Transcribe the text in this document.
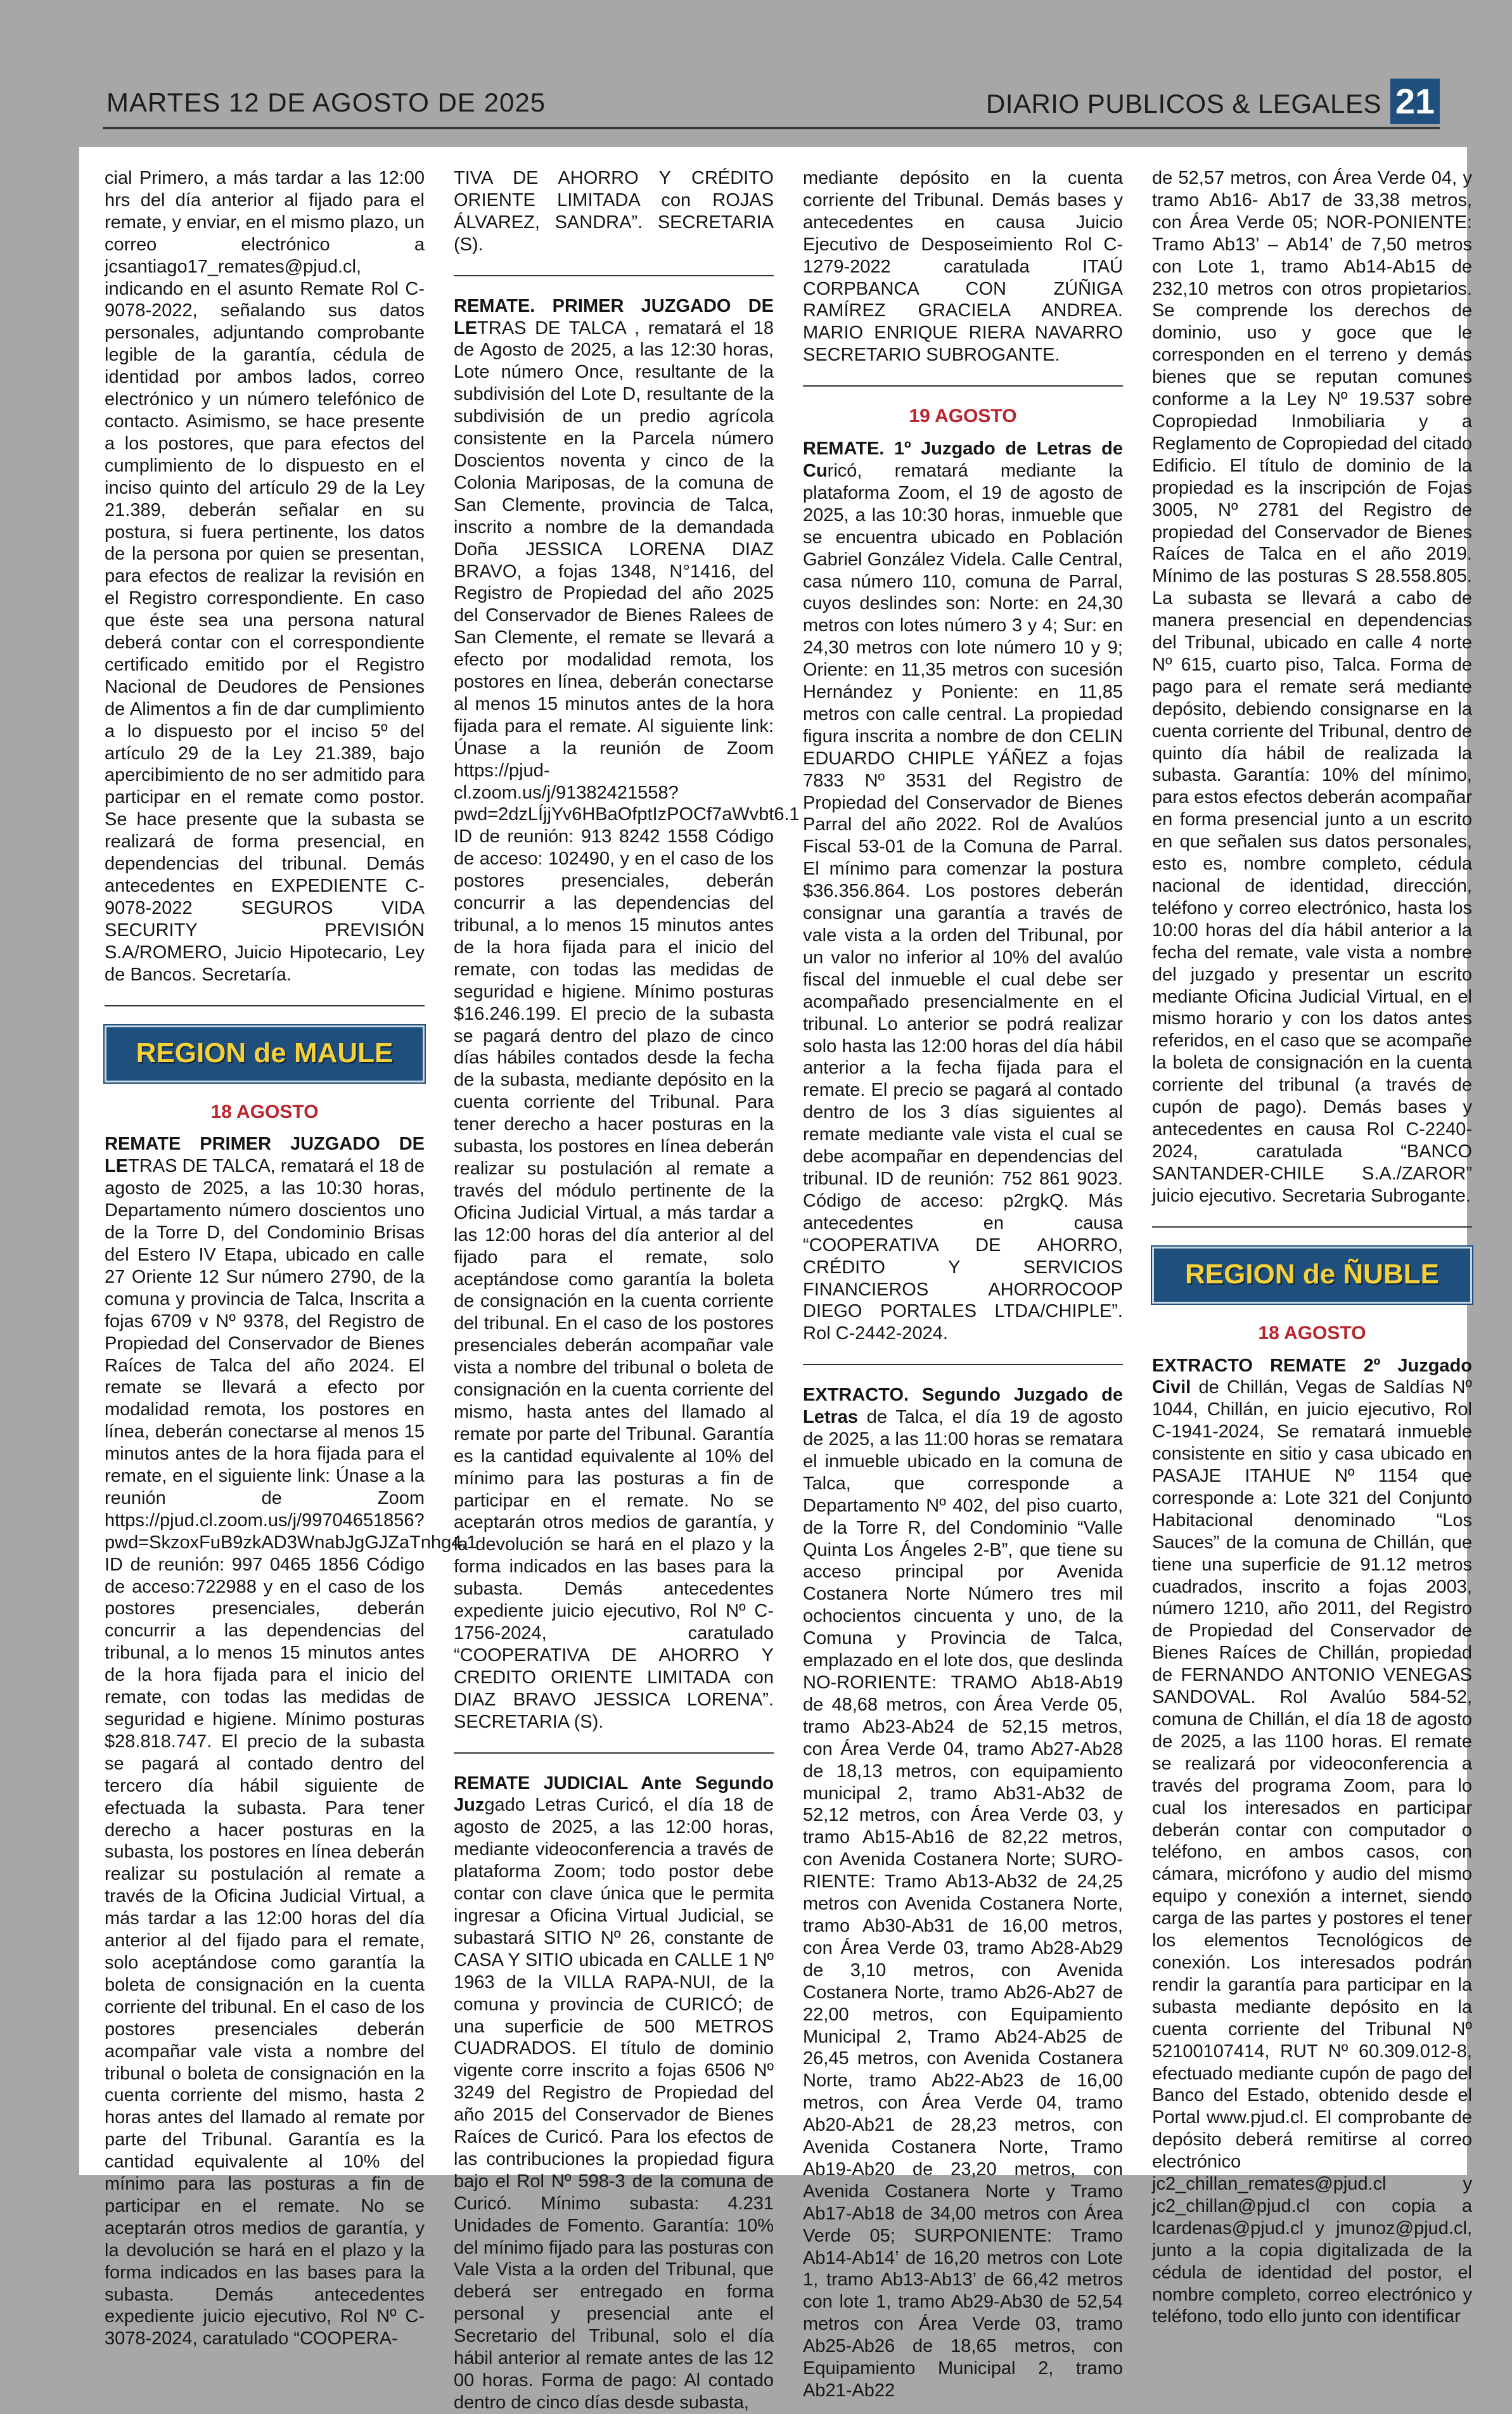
MARTES 12 DE AGOSTO DE 2025	DIARIO PUBLICOS & LEGALES 21

cial Primero, a más tardar a las 12:00 hrs del día anterior al fijado para el remate, y enviar, en el mismo plazo, un correo electrónico a jcsantiago17_remates@pjud.cl, indicando en el asunto Remate Rol C-9078-2022, señalando sus datos personales, adjuntando comprobante legible de la garantía, cédula de identidad por ambos lados, correo electrónico y un número telefónico de contacto. Asimismo, se hace presente a los postores, que para efectos del cumplimiento de lo dispuesto en el inciso quinto del artículo 29 de la Ley 21.389, deberán señalar en su postura, si fuera pertinente, los datos de la persona por quien se presentan, para efectos de realizar la revisión en el Registro correspondiente. En caso que éste sea una persona natural deberá contar con el correspondiente certificado emitido por el Registro Nacional de Deudores de Pensiones de Alimentos a fin de dar cumplimiento a lo dispuesto por el inciso 5º del artículo 29 de la Ley 21.389, bajo apercibimiento de no ser admitido para participar en el remate como postor. Se hace presente que la subasta se realizará de forma presencial, en dependencias del tribunal. Demás antecedentes en EXPEDIENTE C-9078-2022 SEGUROS VIDA SECURITY PREVISIÓN S.A/ROMERO, Juicio Hipotecario, Ley de Bancos. Secretaría.

REGION de MAULE
18 AGOSTO

REMATE PRIMER JUZGADO DE LETRAS DE TALCA, rematará el 18 de agosto de 2025, a las 10:30 horas, Departamento número doscientos uno de la Torre D, del Condominio Brisas del Estero IV Etapa, ubicado en calle 27 Oriente 12 Sur número 2790, de la comuna y provincia de Talca, Inscrita a fojas 6709 v Nº 9378, del Registro de Propiedad del Conservador de Bienes Raíces de Talca del año 2024. El remate se llevará a efecto por modalidad remota, los postores en línea, deberán conectarse al menos 15 minutos antes de la hora fijada para el remate, en el siguiente link: Únase a la reunión de Zoom https://pjud.cl.zoom.us/j/99704651856?pwd=SkzoxFuB9zkAD3WnabJgGJZaTnhg4.1 ID de reunión: 997 0465 1856 Código de acceso:722988 y en el caso de los postores presenciales, deberán concurrir a las dependencias del tribunal, a lo menos 15 minutos antes de la hora fijada para el inicio del remate, con todas las medidas de seguridad e higiene. Mínimo posturas $28.818.747. El precio de la subasta se pagará al contado dentro del tercero día hábil siguiente de efectuada la subasta. Para tener derecho a hacer posturas en la subasta, los postores en línea deberán realizar su postulación al remate a través de la Oficina Judicial Virtual, a más tardar a las 12:00 horas del día anterior al del fijado para el remate, solo aceptándose como garantía la boleta de consignación en la cuenta corriente del tribunal. En el caso de los postores presenciales deberán acompañar vale vista a nombre del tribunal o boleta de consignación en la cuenta corriente del mismo, hasta 2 horas antes del llamado al remate por parte del Tribunal. Garantía es la cantidad equivalente al 10% del mínimo para las posturas a fin de participar en el remate. No se aceptarán otros medios de garantía, y la devolución se hará en el plazo y la forma indicados en las bases para la subasta. Demás antecedentes expediente juicio ejecutivo, Rol Nº C-3078-2024, caratulado “COOPERA-

TIVA DE AHORRO Y CRÉDITO ORIENTE LIMITADA con ROJAS ÁLVAREZ, SANDRA”. SECRETARIA (S).

REMATE. PRIMER JUZGADO DE LETRAS DE TALCA , rematará el 18 de Agosto de 2025, a las 12:30 horas, Lote número Once, resultante de la subdivisión del Lote D, resultante de la subdivisión de un predio agrícola consistente en la Parcela número Doscientos noventa y cinco de la Colonia Mariposas, de la comuna de San Clemente, provincia de Talca, inscrito a nombre de la demandada Doña JESSICA LORENA DIAZ BRAVO, a fojas 1348, N°1416, del Registro de Propiedad del año 2025 del Conservador de Bienes Ralees de San Clemente, el remate se llevará a efecto por modalidad remota, los postores en línea, deberán conectarse al menos 15 minutos antes de la hora fijada para el remate. Al siguiente link: Únase a la reunión de Zoom https://pjud-cl.zoom.us/j/91382421558?pwd=2dzLÍjjYv6HBaOfptIzPOCf7aWvbt6.1 ID de reunión: 913 8242 1558 Código de acceso: 102490, y en el caso de los postores presenciales, deberán concurrir a las dependencias del tribunal, a lo menos 15 minutos antes de la hora fijada para el inicio del remate, con todas las medidas de seguridad e higiene. Mínimo posturas $16.246.199. El precio de la subasta se pagará dentro del plazo de cinco días hábiles contados desde la fecha de la subasta, mediante depósito en la cuenta corriente del Tribunal. Para tener derecho a hacer posturas en la subasta, los postores en línea deberán realizar su postulación al remate a través del módulo pertinente de la Oficina Judicial Virtual, a más tardar a las 12:00 horas del día anterior al del fijado para el remate, solo aceptándose como garantía la boleta de consignación en la cuenta corriente del tribunal. En el caso de los postores presenciales deberán acompañar vale vista a nombre del tribunal o boleta de consignación en la cuenta corriente del mismo, hasta antes del llamado al remate por parte del Tribunal. Garantía es la cantidad equivalente al 10% del mínimo para las posturas a fin de participar en el remate. No se aceptarán otros medios de garantía, y la devolución se hará en el plazo y la forma indicados en las bases para la subasta. Demás antecedentes expediente juicio ejecutivo, Rol Nº C-1756-2024, caratulado “COOPERATIVA DE AHORRO Y CREDITO ORIENTE LIMITADA con DIAZ BRAVO JESSICA LORENA”. SECRETARIA (S).

REMATE JUDICIAL Ante Segundo Juzgado Letras Curicó, el día 18 de agosto de 2025, a las 12:00 horas, mediante videoconferencia a través de plataforma Zoom; todo postor debe contar con clave única que le permita ingresar a Oficina Virtual Judicial, se subastará SITIO Nº 26, constante de CASA Y SITIO ubicada en CALLE 1 Nº 1963 de la VILLA RAPA-NUI, de la comuna y provincia de CURICÓ; de una superficie de 500 METROS CUADRADOS. El título de dominio vigente corre inscrito a fojas 6506 Nº 3249 del Registro de Propiedad del año 2015 del Conservador de Bienes Raíces de Curicó. Para los efectos de las contribuciones la propiedad figura bajo el Rol Nº 598-3 de la comuna de Curicó. Mínimo subasta: 4.231 Unidades de Fomento. Garantía: 10% del mínimo fijado para las posturas con Vale Vista a la orden del Tribunal, que deberá ser entregado en forma personal y presencial ante el Secretario del Tribunal, solo el día hábil anterior al remate antes de las 12 00 horas. Forma de pago: Al contado dentro de cinco días desde subasta,

mediante depósito en la cuenta corriente del Tribunal. Demás bases y antecedentes en causa Juicio Ejecutivo de Desposeimiento Rol C-1279-2022 caratulada ITAÚ CORPBANCA CON ZÚÑIGA RAMÍREZ GRACIELA ANDREA. MARIO ENRIQUE RIERA NAVARRO SECRETARIO SUBROGANTE.

19 AGOSTO

REMATE. 1º Juzgado de Letras de Curicó, rematará mediante la plataforma Zoom, el 19 de agosto de 2025, a las 10:30 horas, inmueble que se encuentra ubicado en Población Gabriel González Videla. Calle Central, casa número 110, comuna de Parral, cuyos deslindes son: Norte: en 24,30 metros con lotes número 3 y 4; Sur: en 24,30 metros con lote número 10 y 9; Oriente: en 11,35 metros con sucesión Hernández y Poniente: en 11,85 metros con calle central. La propiedad figura inscrita a nombre de don CELIN EDUARDO CHIPLE YÁÑEZ a fojas 7833 Nº 3531 del Registro de Propiedad del Conservador de Bienes Parral del año 2022. Rol de Avalúos Fiscal 53-01 de la Comuna de Parral. El mínimo para comenzar la postura $36.356.864. Los postores deberán consignar una garantía a través de vale vista a la orden del Tribunal, por un valor no inferior al 10% del avalúo fiscal del inmueble el cual debe ser acompañado presencialmente en el tribunal. Lo anterior se podrá realizar solo hasta las 12:00 horas del día hábil anterior a la fecha fijada para el remate. El precio se pagará al contado dentro de los 3 días siguientes al remate mediante vale vista el cual se debe acompañar en dependencias del tribunal. ID de reunión: 752 861 9023. Código de acceso: p2rgkQ. Más antecedentes en causa “COOPERATIVA DE AHORRO, CRÉDITO Y SERVICIOS FINANCIEROS AHORROCOOP DIEGO PORTALES LTDA/CHIPLE”. Rol C-2442-2024.

EXTRACTO. Segundo Juzgado de Letras de Talca, el día 19 de agosto de 2025, a las 11:00 horas se rematara el inmueble ubicado en la comuna de Talca, que corresponde a Departamento Nº 402, del piso cuarto, de la Torre R, del Condominio “Valle Quinta Los Ángeles 2-B”, que tiene su acceso principal por Avenida Costanera Norte Número tres mil ochocientos cincuenta y uno, de la Comuna y Provincia de Talca, emplazado en el lote dos, que deslinda NO-RORIENTE: TRAMO Ab18-Ab19 de 48,68 metros, con Área Verde 05, tramo Ab23-Ab24 de 52,15 metros, con Área Verde 04, tramo Ab27-Ab28 de 18,13 metros, con equipamiento municipal 2, tramo Ab31-Ab32 de 52,12 metros, con Área Verde 03, y tramo Ab15-Ab16 de 82,22 metros, con Avenida Costanera Norte; SURO-RIENTE: Tramo Ab13-Ab32 de 24,25 metros con Avenida Costanera Norte, tramo Ab30-Ab31 de 16,00 metros, con Área Verde 03, tramo Ab28-Ab29 de 3,10 metros, con Avenida Costanera Norte, tramo Ab26-Ab27 de 22,00 metros, con Equipamiento Municipal 2, Tramo Ab24-Ab25 de 26,45 metros, con Avenida Costanera Norte, tramo Ab22-Ab23 de 16,00 metros, con Área Verde 04, tramo Ab20-Ab21 de 28,23 metros, con Avenida Costanera Norte, Tramo Ab19-Ab20 de 23,20 metros, con Avenida Costanera Norte y Tramo Ab17-Ab18 de 34,00 metros con Área Verde 05; SURPONIENTE: Tramo Ab14-Ab14’ de 16,20 metros con Lote 1, tramo Ab13-Ab13’ de 66,42 metros con lote 1, tramo Ab29-Ab30 de 52,54 metros con Área Verde 03, tramo Ab25-Ab26 de 18,65 metros, con Equipamiento Municipal 2, tramo Ab21-Ab22

de 52,57 metros, con Área Verde 04, y tramo Ab16- Ab17 de 33,38 metros, con Área Verde 05; NOR-PONIENTE: Tramo Ab13’ – Ab14’ de 7,50 metros con Lote 1, tramo Ab14-Ab15 de 232,10 metros con otros propietarios. Se comprende los derechos de dominio, uso y goce que le corresponden en el terreno y demás bienes que se reputan comunes conforme a la Ley Nº 19.537 sobre Copropiedad Inmobiliaria y a Reglamento de Copropiedad del citado Edificio. El título de dominio de la propiedad es la inscripción de Fojas 3005, Nº 2781 del Registro de propiedad del Conservador de Bienes Raíces de Talca en el año 2019. Mínimo de las posturas S 28.558.805. La subasta se llevará a cabo de manera presencial en dependencias del Tribunal, ubicado en calle 4 norte Nº 615, cuarto piso, Talca. Forma de pago para el remate será mediante depósito, debiendo consignarse en la cuenta corriente del Tribunal, dentro de quinto día hábil de realizada la subasta. Garantía: 10% del mínimo, para estos efectos deberán acompañar en forma presencial junto a un escrito en que señalen sus datos personales, esto es, nombre completo, cédula nacional de identidad, dirección, teléfono y correo electrónico, hasta los 10:00 horas del día hábil anterior a la fecha del remate, vale vista a nombre del juzgado y presentar un escrito mediante Oficina Judicial Virtual, en el mismo horario y con los datos antes referidos, en el caso que se acompañe la boleta de consignación en la cuenta corriente del tribunal (a través de cupón de pago). Demás bases y antecedentes en causa Rol C-2240-2024, caratulada “BANCO SANTANDER-CHILE S.A./ZAROR” juicio ejecutivo. Secretaria Subrogante.

REGION de ÑUBLE
18 AGOSTO

EXTRACTO REMATE 2º Juzgado Civil de Chillán, Vegas de Saldías Nº 1044, Chillán, en juicio ejecutivo, Rol C-1941-2024, Se rematará inmueble consistente en sitio y casa ubicado en PASAJE ITAHUE Nº 1154 que corresponde a: Lote 321 del Conjunto Habitacional denominado “Los Sauces” de la comuna de Chillán, que tiene una superficie de 91.12 metros cuadrados, inscrito a fojas 2003, número 1210, año 2011, del Registro de Propiedad del Conservador de Bienes Raíces de Chillán, propiedad de FERNANDO ANTONIO VENEGAS SANDOVAL. Rol Avalúo 584-52, comuna de Chillán, el día 18 de agosto de 2025, a las 1100 horas. El remate se realizará por videoconferencia a través del programa Zoom, para lo cual los interesados en participar deberán contar con computador o teléfono, en ambos casos, con cámara, micrófono y audio del mismo equipo y conexión a internet, siendo carga de las partes y postores el tener los elementos Tecnológicos de conexión. Los interesados podrán rendir la garantía para participar en la subasta mediante depósito en la cuenta corriente del Tribunal Nº 52100107414, RUT Nº 60.309.012-8, efectuado mediante cupón de pago del Banco del Estado, obtenido desde el Portal www.pjud.cl. El comprobante de depósito deberá remitirse al correo electrónico jc2_chillan_remates@pjud.cl y jc2_chillan@pjud.cl con copia a lcardenas@pjud.cl y jmunoz@pjud.cl, junto a la copia digitalizada de la cédula de identidad del postor, el nombre completo, correo electrónico y teléfono, todo ello junto con identificar
